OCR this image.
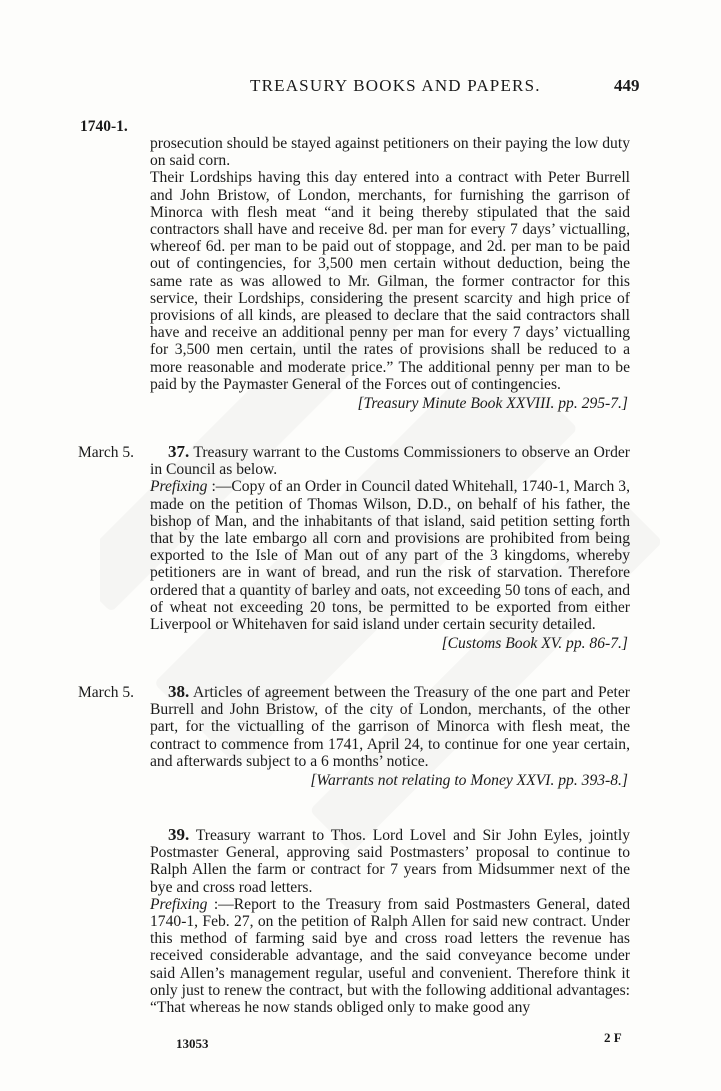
TREASURY BOOKS AND PAPERS.	449
1740-1.

prosecution should be stayed against petitioners on their paying the low duty on said corn.

Their Lordships having this day entered into a contract with Peter Burrell and John Bristow, of London, merchants, for furnishing the garrison of Minorca with flesh meat “and it being thereby stipulated that the said contractors shall have and receive 8d. per man for every 7 days’ victualling, whereof 6d. per man to be paid out of stoppage, and 2d. per man to be paid out of contingencies, for 3,500 men certain without deduction, being the same rate as was allowed to Mr. Gilman, the former contractor for this service, their Lordships, considering the present scarcity and high price of provisions of all kinds, are pleased to declare that the said contractors shall have and receive an additional penny per man for every 7 days’ victualling for 3,500 men certain, until the rates of provisions shall be reduced to a more reasonable and moderate price.” The additional penny per man to be paid by the Paymaster General of the Forces out of contingencies.

[Treasury Minute Book XXVIII. pp. 295-7.]

March 5.	37. Treasury warrant to the Customs Commissioners to observe an Order in Council as below.

Prefixing :—Copy of an Order in Council dated Whitehall, 1740-1, March 3, made on the petition of Thomas Wilson, D.D., on behalf of his father, the bishop of Man, and the inhabitants of that island, said petition setting forth that by the late embargo all corn and provisions are prohibited from being exported to the Isle of Man out of any part of the 3 kingdoms, whereby petitioners are in want of bread, and run the risk of starvation. Therefore ordered that a quantity of barley and oats, not exceeding 50 tons of each, and of wheat not exceeding 20 tons, be permitted to be exported from either Liverpool or Whitehaven for said island under certain security detailed.

[Customs Book XV. pp. 86-7.]

March 5.	38. Articles of agreement between the Treasury of the one part and Peter Burrell and John Bristow, of the city of London, merchants, of the other part, for the victualling of the garrison of Minorca with flesh meat, the contract to commence from 1741, April 24, to continue for one year certain, and afterwards subject to a 6 months’ notice.

[Warrants not relating to Money XXVI. pp. 393-8.]

39. Treasury warrant to Thos. Lord Lovel and Sir John Eyles, jointly Postmaster General, approving said Postmasters’ proposal to continue to Ralph Allen the farm or contract for 7 years from Midsummer next of the bye and cross road letters.

Prefixing :—Report to the Treasury from said Postmasters General, dated 1740-1, Feb. 27, on the petition of Ralph Allen for said new contract. Under this method of farming said bye and cross road letters the revenue has received considerable advantage, and the said conveyance become under said Allen’s management regular, useful and convenient. Therefore think it only just to renew the contract, but with the following additional advantages: “That whereas he now stands obliged only to make good any

13053	2 F
